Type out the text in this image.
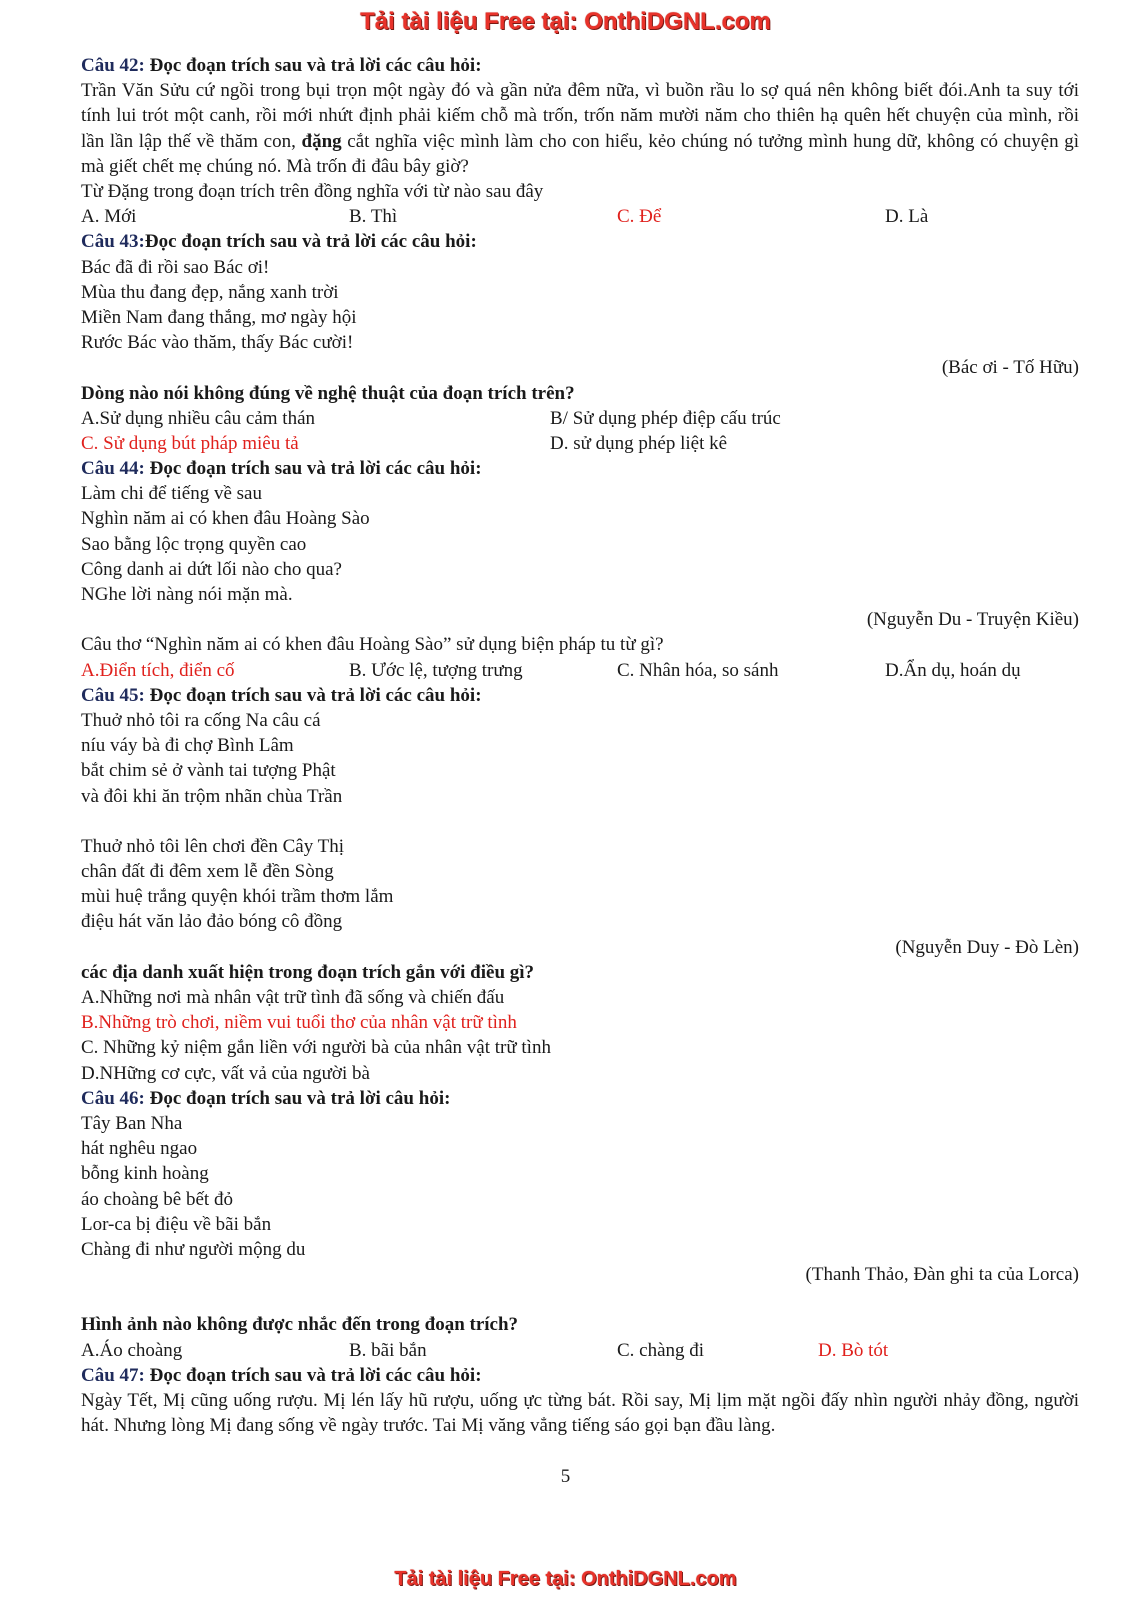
Tải tài liệu Free tại: OnthiDGNL.com
Câu 42: Đọc đoạn trích sau và trả lời các câu hỏi:
Trần Văn Sửu cứ ngồi trong bụi trọn một ngày đó và gần nửa đêm nữa, vì buồn rầu lo sợ quá nên không biết đói.Anh ta suy tới tính lui trót một canh, rồi mới nhứt định phải kiếm chỗ mà trốn, trốn năm mười năm cho thiên hạ quên hết chuyện của mình, rồi lần lần lập thế về thăm con, đặng cắt nghĩa việc mình làm cho con hiểu, kẻo chúng nó tưởng mình hung dữ, không có chuyện gì mà giết chết mẹ chúng nó. Mà trốn đi đâu bây giờ?
Từ Đặng trong đoạn trích trên đồng nghĩa với từ nào sau đây
A. Mới	B. Thì	C. Để	D. Là
Câu 43:Đọc đoạn trích sau và trả lời các câu hỏi:
Bác đã đi rồi sao Bác ơi!
Mùa thu đang đẹp, nắng xanh trời
Miền Nam đang thắng, mơ ngày hội
Rước Bác vào thăm, thấy Bác cười!
(Bác ơi - Tố Hữu)
Dòng nào nói không đúng về nghệ thuật của đoạn trích trên?
A.Sử dụng nhiều câu cảm thán	B/ Sử dụng phép điệp cấu trúc
C. Sử dụng bút pháp miêu tả	D. sử dụng phép liệt kê
Câu 44: Đọc đoạn trích sau và trả lời các câu hỏi:
Làm chi để tiếng về sau
Nghìn năm ai có khen đâu Hoàng Sào
Sao bằng lộc trọng quyền cao
Công danh ai dứt lối nào cho qua?
NGhe lời nàng nói mặn mà.
(Nguyễn Du - Truyện Kiều)
Câu thơ “Nghìn năm ai có khen đâu Hoàng Sào” sử dụng biện pháp tu từ gì?
A.Điển tích, điển cố	B. Ước lệ, tượng trưng	C. Nhân hóa, so sánh	D.Ẩn dụ, hoán dụ
Câu 45: Đọc đoạn trích sau và trả lời các câu hỏi:
Thuở nhỏ tôi ra cống Na câu cá
níu váy bà đi chợ Bình Lâm
bắt chim sẻ ở vành tai tượng Phật
và đôi khi ăn trộm nhãn chùa Trần
Thuở nhỏ tôi lên chơi đền Cây Thị
chân đất đi đêm xem lễ đền Sòng
mùi huệ trắng quyện khói trầm thơm lắm
điệu hát văn lảo đảo bóng cô đồng
(Nguyễn Duy - Đò Lèn)
các địa danh xuất hiện trong đoạn trích gắn với điều gì?
A.Những nơi mà nhân vật trữ tình đã sống và chiến đấu
B.Những trò chơi, niềm vui tuổi thơ của nhân vật trữ tình
C. Những kỷ niệm gắn liền với người bà của nhân vật trữ tình
D.NHững cơ cực, vất vả của người bà
Câu 46: Đọc đoạn trích sau và trả lời câu hỏi:
Tây Ban Nha
hát nghêu ngao
bỗng kinh hoàng
áo choàng bê bết đỏ
Lor-ca bị điệu về bãi bắn
Chàng đi như người mộng du
(Thanh Thảo, Đàn ghi ta của Lorca)
Hình ảnh nào không được nhắc đến trong đoạn trích?
A.Áo choàng	B. bãi bắn	C. chàng đi	D. Bò tót
Câu 47: Đọc đoạn trích sau và trả lời các câu hỏi:
Ngày Tết, Mị cũng uống rượu. Mị lén lấy hũ rượu, uống ực từng bát. Rồi say, Mị lịm mặt ngồi đấy nhìn người nhảy đồng, người hát. Nhưng lòng Mị đang sống về ngày trước. Tai Mị văng vẳng tiếng sáo gọi bạn đầu làng.
5
Tải tài liệu Free tại: OnthiDGNL.com
